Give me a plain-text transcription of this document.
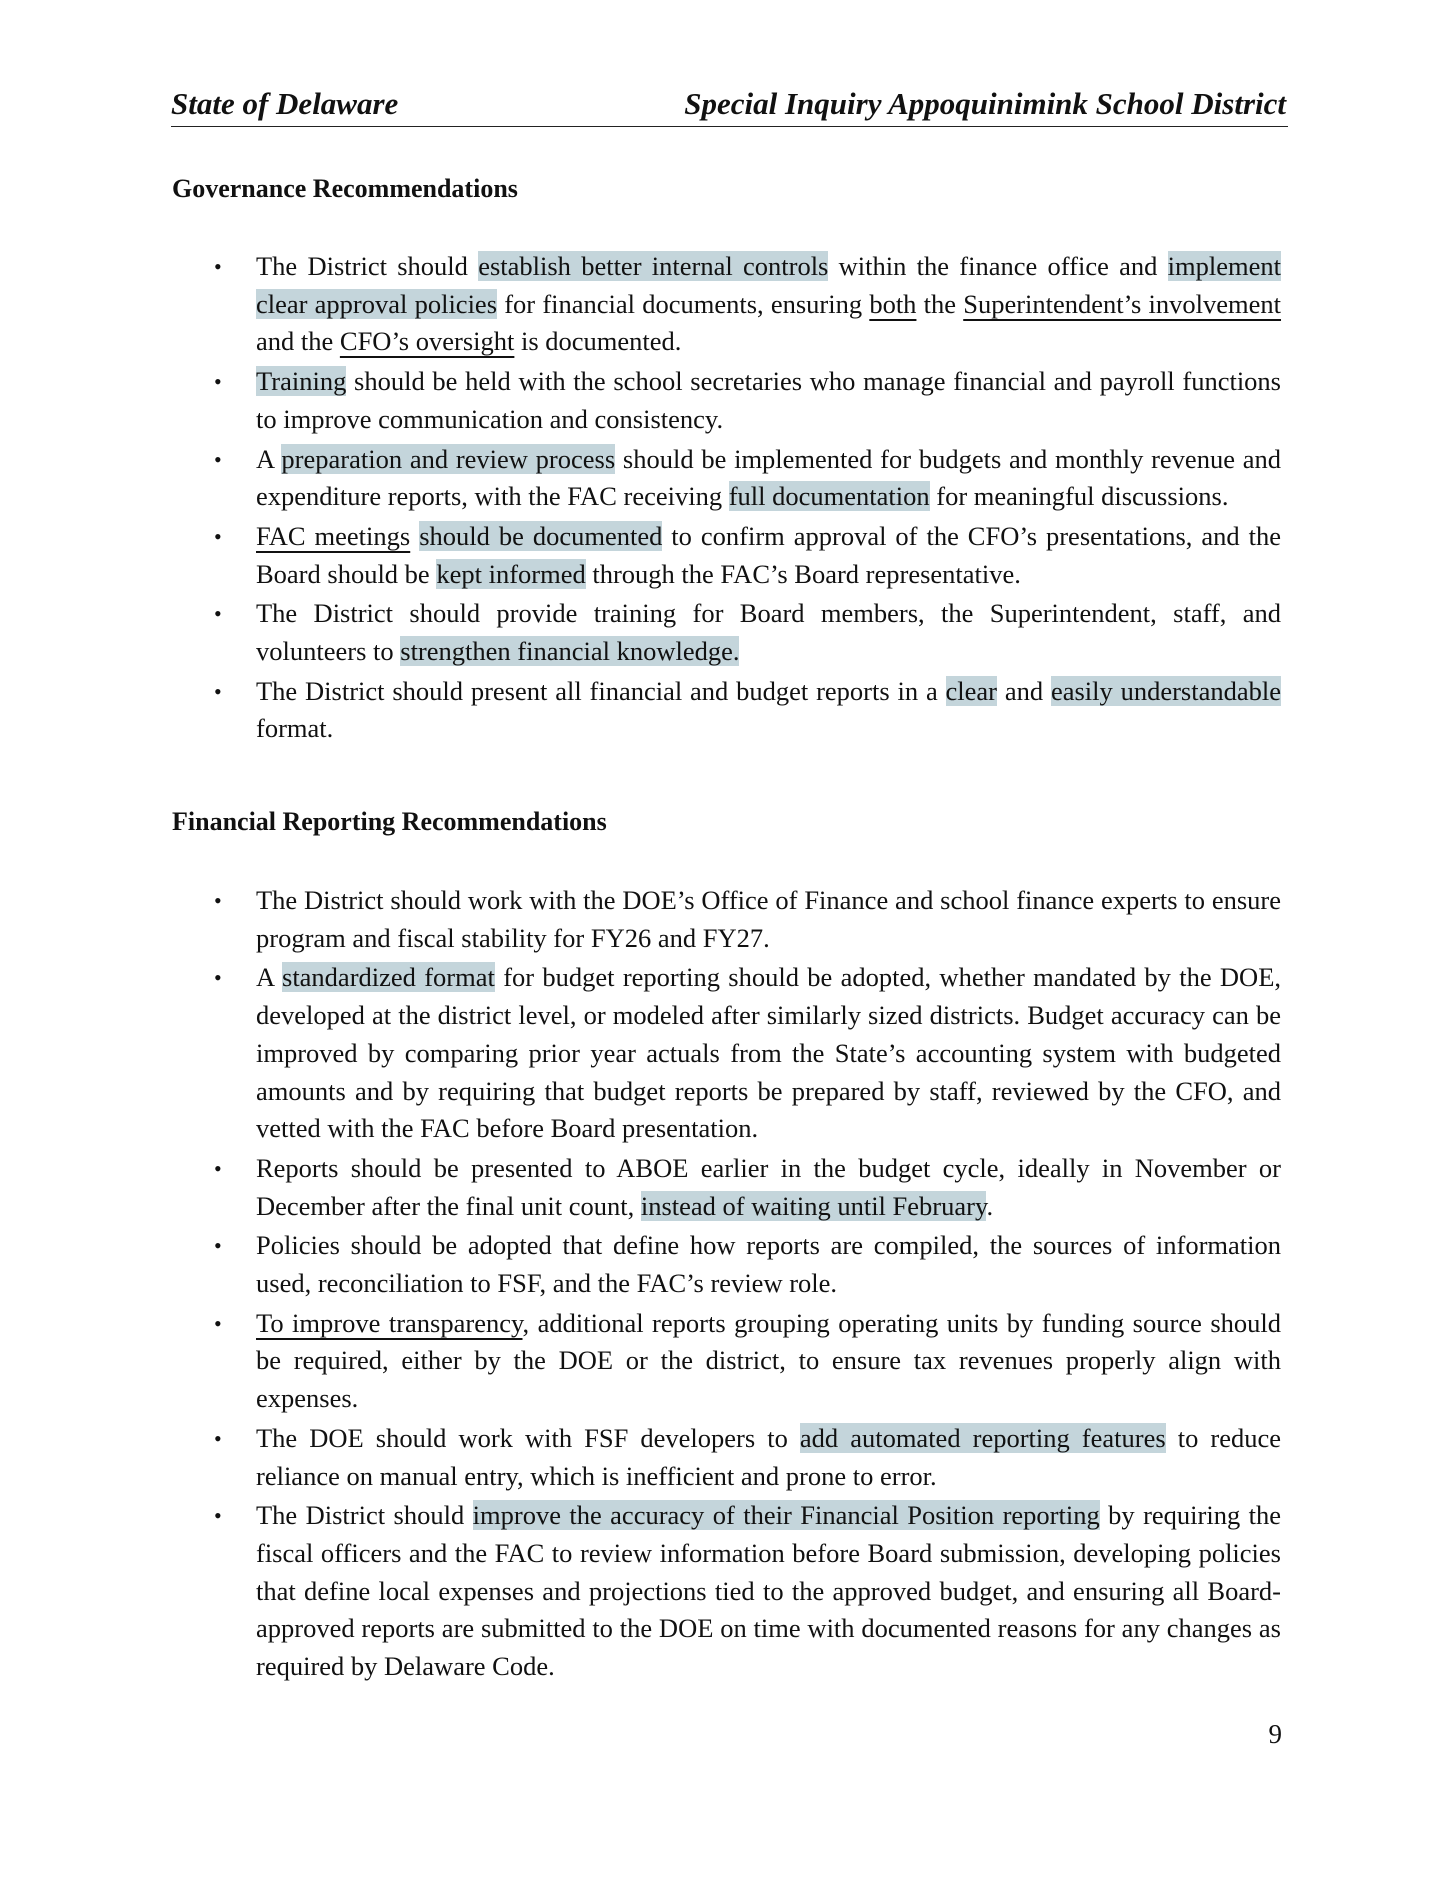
State of Delaware	Special Inquiry Appoquinimink School District
Governance Recommendations
• The District should establish better internal controls within the finance office and implement clear approval policies for financial documents, ensuring both the Superintendent’s involvement and the CFO’s oversight is documented.
• Training should be held with the school secretaries who manage financial and payroll functions to improve communication and consistency.
• A preparation and review process should be implemented for budgets and monthly revenue and expenditure reports, with the FAC receiving full documentation for meaningful discussions.
• FAC meetings should be documented to confirm approval of the CFO’s presentations, and the Board should be kept informed through the FAC’s Board representative.
• The District should provide training for Board members, the Superintendent, staff, and volunteers to strengthen financial knowledge.
• The District should present all financial and budget reports in a clear and easily understandable format.
Financial Reporting Recommendations
• The District should work with the DOE’s Office of Finance and school finance experts to ensure program and fiscal stability for FY26 and FY27.
• A standardized format for budget reporting should be adopted, whether mandated by the DOE, developed at the district level, or modeled after similarly sized districts. Budget accuracy can be improved by comparing prior year actuals from the State’s accounting system with budgeted amounts and by requiring that budget reports be prepared by staff, reviewed by the CFO, and vetted with the FAC before Board presentation.
• Reports should be presented to ABOE earlier in the budget cycle, ideally in November or December after the final unit count, instead of waiting until February.
• Policies should be adopted that define how reports are compiled, the sources of information used, reconciliation to FSF, and the FAC’s review role.
• To improve transparency, additional reports grouping operating units by funding source should be required, either by the DOE or the district, to ensure tax revenues properly align with expenses.
• The DOE should work with FSF developers to add automated reporting features to reduce reliance on manual entry, which is inefficient and prone to error.
• The District should improve the accuracy of their Financial Position reporting by requiring the fiscal officers and the FAC to review information before Board submission, developing policies that define local expenses and projections tied to the approved budget, and ensuring all Board-approved reports are submitted to the DOE on time with documented reasons for any changes as required by Delaware Code.
9
